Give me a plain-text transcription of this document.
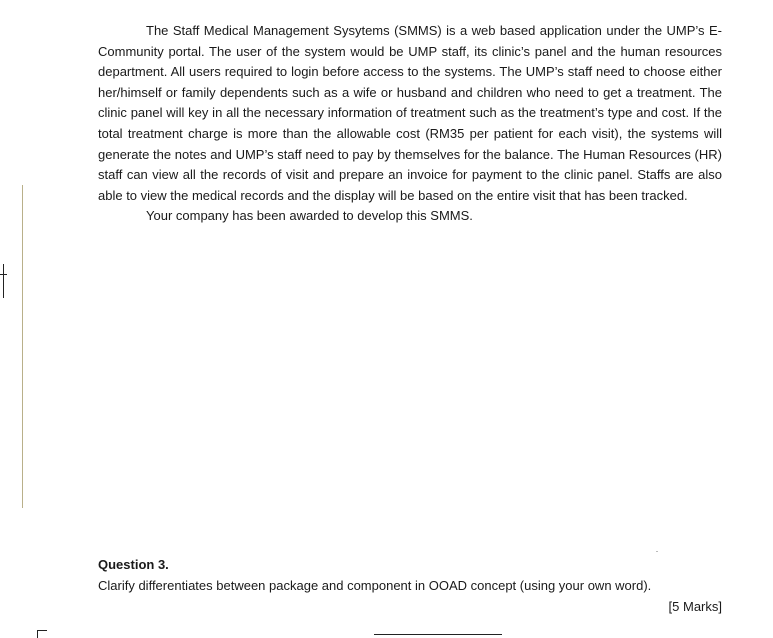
The Staff Medical Management Sysytems (SMMS) is a web based application under the UMP’s E-Community portal. The user of the system would be UMP staff, its clinic’s panel and the human resources department. All users required to login before access to the systems. The UMP’s staff need to choose either her/himself or family dependents such as a wife or husband and children who need to get a treatment. The clinic panel will key in all the necessary information of treatment such as the treatment’s type and cost. If the total treatment charge is more than the allowable cost (RM35 per patient for each visit), the systems will generate the notes and UMP’s staff need to pay by themselves for the balance. The Human Resources (HR) staff can view all the records of visit and prepare an invoice for payment to the clinic panel. Staffs are also able to view the medical records and the display will be based on the entire visit that has been tracked.

Your company has been awarded to develop this SMMS.

Question 3.
Clarify differentiates between package and component in OOAD concept (using your own word).
[5 Marks]
